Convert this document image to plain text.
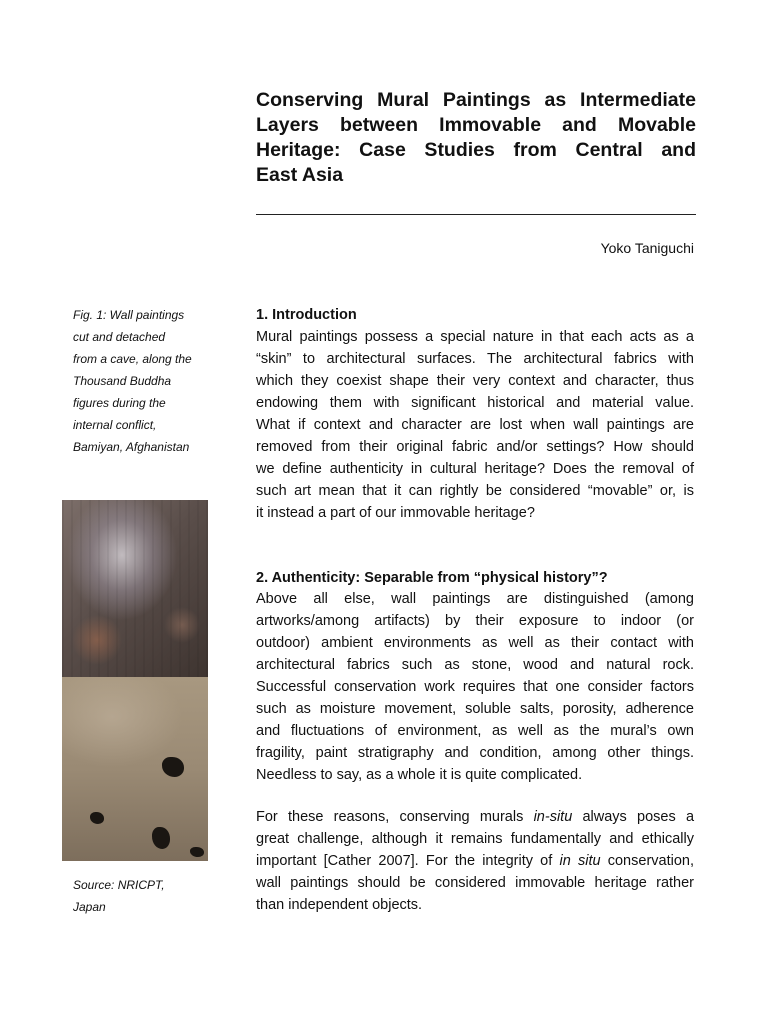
Conserving Mural Paintings as Intermediate
Layers between Immovable and Movable
Heritage: Case Studies from Central and
East Asia

Yoko Taniguchi

Fig. 1: Wall paintings
cut and detached
from a cave, along the
Thousand Buddha
figures during the
internal conflict,
Bamiyan, Afghanistan
Source: NRICPT,
Japan
1. Introduction

Mural paintings possess a special nature in that each acts as a
“skin” to architectural surfaces. The architectural fabrics with
which they coexist shape their very context and character, thus
endowing them with significant historical and material value.
What if context and character are lost when wall paintings are
removed from their original fabric and/or settings? How should
we define authenticity in cultural heritage? Does the removal of
such art mean that it can rightly be considered “movable” or, is
it instead a part of our immovable heritage?

2. Authenticity: Separable from “physical history”?

Above all else, wall paintings are distinguished (among
artworks/among artifacts) by their exposure to indoor (or
outdoor) ambient environments as well as their contact with
architectural fabrics such as stone, wood and natural rock.
Successful conservation work requires that one consider factors
such as moisture movement, soluble salts, porosity, adherence
and fluctuations of environment, as well as the mural’s own
fragility, paint stratigraphy and condition, among other things.
Needless to say, as a whole it is quite complicated.

For these reasons, conserving murals in-situ always poses a
great challenge, although it remains fundamentally and ethically
important [Cather 2007]. For the integrity of in situ conservation,
wall paintings should be considered immovable heritage rather
than independent objects.
